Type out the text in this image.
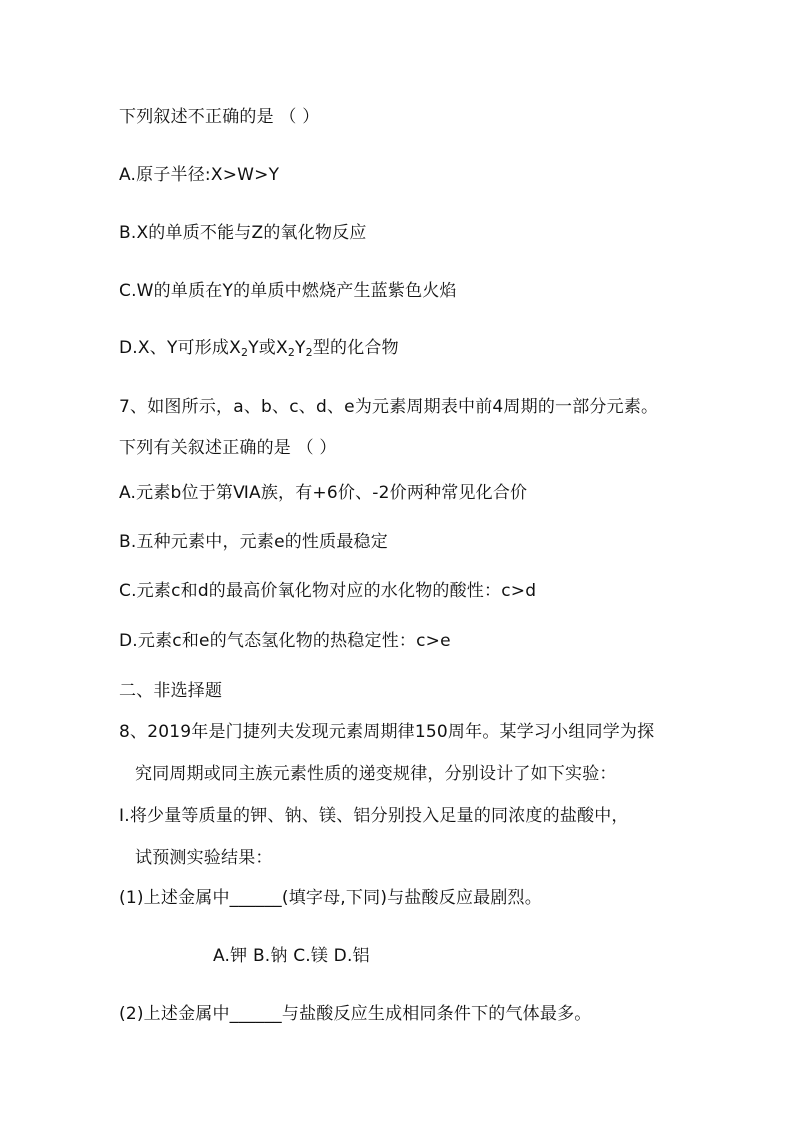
下列叙述不正确的是 （ ）
A.原子半径:X>W>Y
B.X的单质不能与Z的氧化物反应
C.W的单质在Y的单质中燃烧产生蓝紫色火焰
D.X、Y可形成$X_2Y$或$X_2Y_2$型的化合物
7、如图所示，a、b、c、d、e为元素周期表中前4周期的一部分元素。
下列有关叙述正确的是 （ ）
A.元素b位于第ⅥA族，有+6价、-2价两种常见化合价
B.五种元素中，元素e的性质最稳定
C.元素c和d的最高价氧化物对应的水化物的酸性：c>d
D.元素c和e的气态氢化物的热稳定性：c>e
二、非选择题
8、2019年是门捷列夫发现元素周期律150周年。某学习小组同学为探
究同周期或同主族元素性质的递变规律，分别设计了如下实验：
Ⅰ.将少量等质量的钾、钠、镁、铝分别投入足量的同浓度的盐酸中，
试预测实验结果：
(1)上述金属中______(填字母,下同)与盐酸反应最剧烈。
A.钾 B.钠 C.镁 D.铝
(2)上述金属中______与盐酸反应生成相同条件下的气体最多。
